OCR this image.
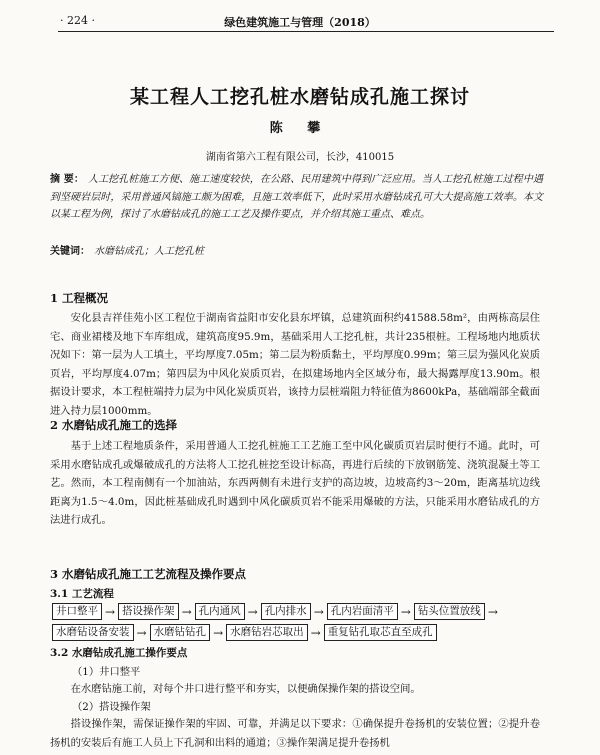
· 224 ·	绿色建筑施工与管理（2018）
某工程人工挖孔桩水磨钻成孔施工探讨
陈 攀
湖南省第六工程有限公司，长沙，410015
摘 要： 人工挖孔桩施工方便、施工速度较快，在公路、民用建筑中得到广泛应用。当人工挖孔桩施工过程中遇到坚硬岩层时，采用普通风镐施工颇为困难，且施工效率低下，此时采用水磨钻成孔可大大提高施工效率。本文以某工程为例，探讨了水磨钻成孔的施工工艺及操作要点，并介绍其施工重点、难点。
关键词： 水磨钻成孔；人工挖孔桩
1 工程概况
安化县吉祥佳苑小区工程位于湖南省益阳市安化县东坪镇，总建筑面积约41588.58m²，由两栋高层住宅、商业裙楼及地下车库组成，建筑高度95.9m，基础采用人工挖孔桩，共计235根桩。工程场地内地质状况如下：第一层为人工填土，平均厚度7.05m；第二层为粉质黏土，平均厚度0.99m；第三层为强风化炭质页岩，平均厚度4.07m；第四层为中风化炭质页岩，在拟建场地内全区域分布，最大揭露厚度13.90m。根据设计要求，本工程桩端持力层为中风化炭质页岩，该持力层桩端阻力特征值为8600kPa，基础端部全截面进入持力层1000mm。
2 水磨钻成孔施工的选择
基于上述工程地质条件，采用普通人工挖孔桩施工工艺施工至中风化碳质页岩层时便行不通。此时，可采用水磨钻成孔或爆破成孔的方法将人工挖孔桩挖至设计标高，再进行后续的下放钢筋笼、浇筑混凝土等工艺。然而，本工程南侧有一个加油站，东西两侧有未进行支护的高边坡，边坡高约3～20m，距离基坑边线距离为1.5～4.0m，因此桩基础成孔时遇到中风化碳质页岩不能采用爆破的方法，只能采用水磨钻成孔的方法进行成孔。
3 水磨钻成孔施工工艺流程及操作要点
3.1 工艺流程
井口整平 → 搭设操作架 → 孔内通风 → 孔内排水 → 孔内岩面清平 → 钻头位置放线 →
水磨钻设备安装 → 水磨钻钻孔 → 水磨钻岩芯取出 → 重复钻孔取芯直至成孔
3.2 水磨钻成孔施工操作要点
（1）井口整平
在水磨钻施工前，对每个井口进行整平和夯实，以便确保操作架的搭设空间。
（2）搭设操作架
搭设操作架，需保证操作架的牢固、可靠，并满足以下要求：①确保提升卷扬机的安装位置；②提升卷扬机的安装后有施工人员上下孔洞和出料的通道；③操作架满足提升卷扬机
